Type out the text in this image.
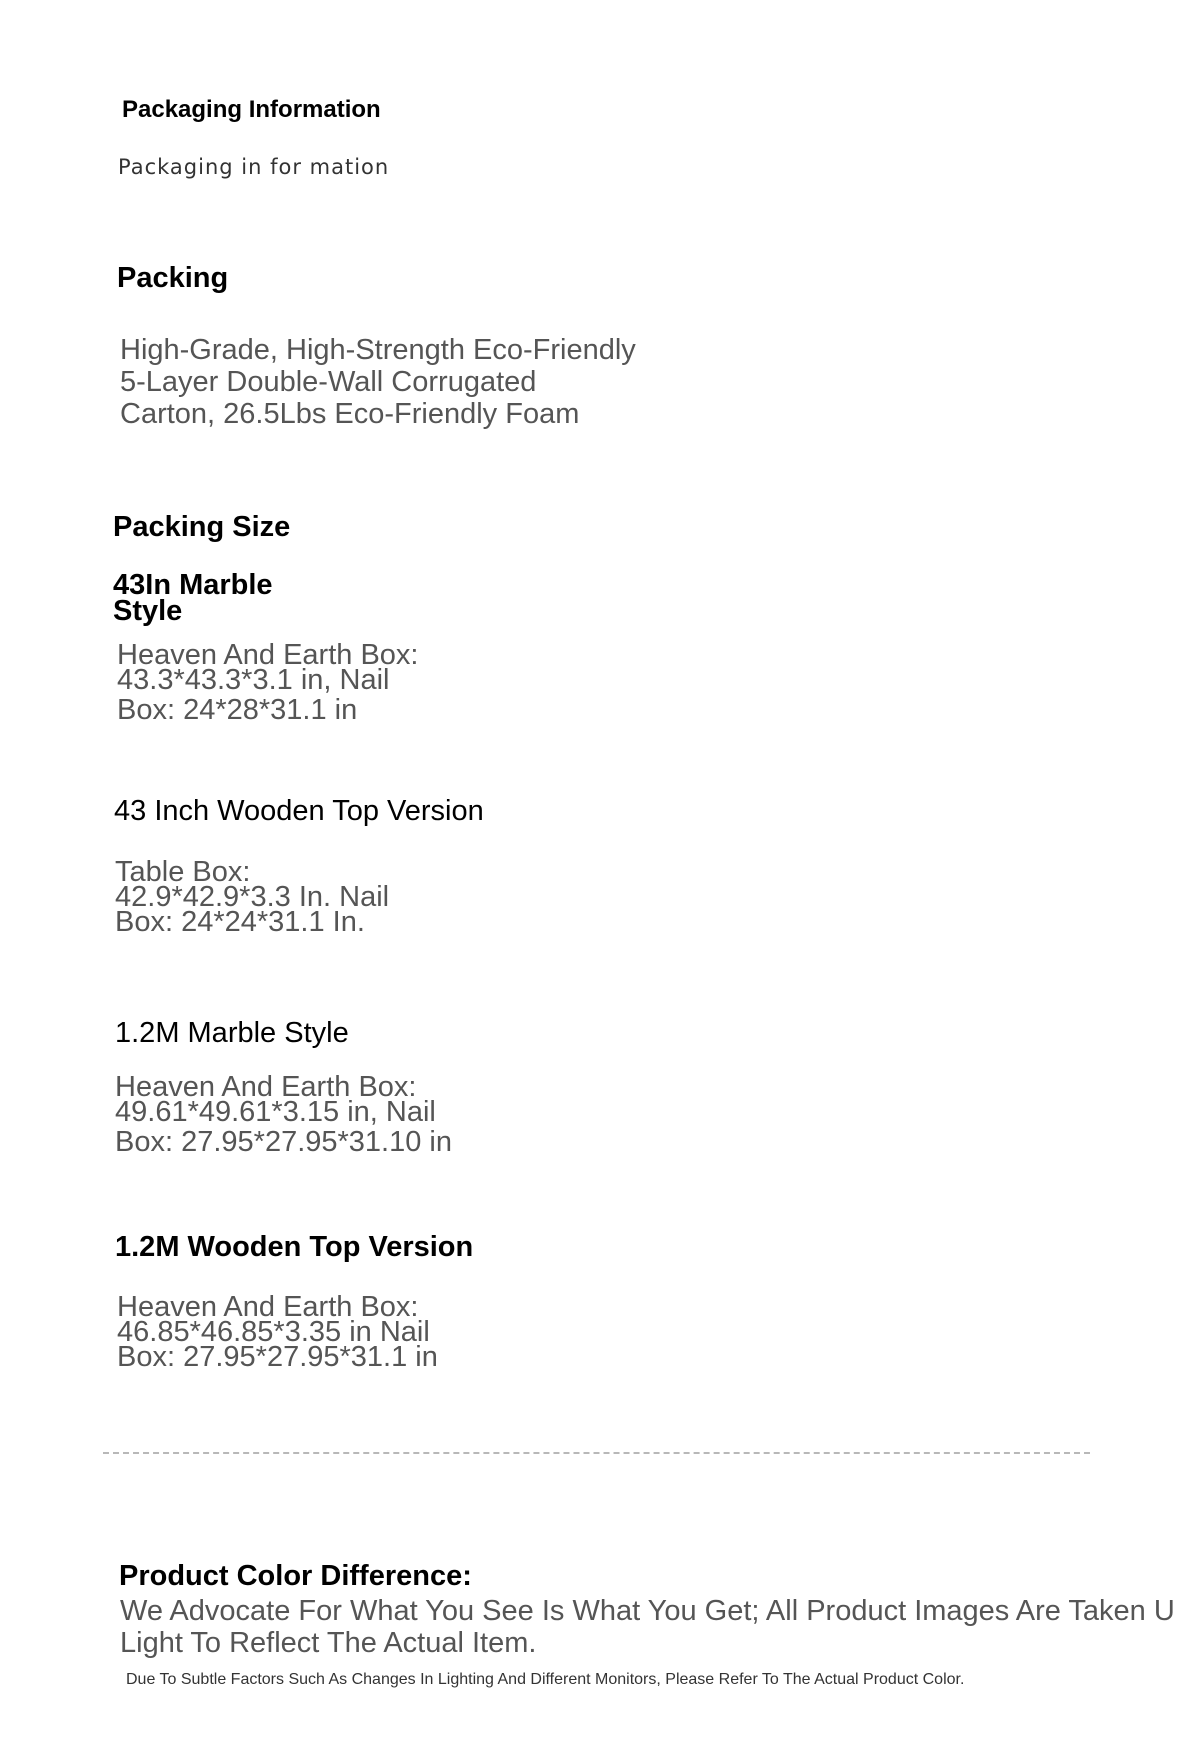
Packaging Information
Packaging in for mation
Packing
High-Grade, High-Strength Eco-Friendly
5-Layer Double-Wall Corrugated
Carton, 26.5Lbs Eco-Friendly Foam
Packing Size
43In Marble
Style
Heaven And Earth Box:
43.3*43.3*3.1 in, Nail
Box: 24*28*31.1 in
43 Inch Wooden Top Version
Table Box:
42.9*42.9*3.3 In. Nail
Box: 24*24*31.1 In.
1.2M Marble Style
Heaven And Earth Box:
49.61*49.61*3.15 in, Nail
Box: 27.95*27.95*31.10 in
1.2M Wooden Top Version
Heaven And Earth Box:
46.85*46.85*3.35 in Nail
Box: 27.95*27.95*31.1 in
Product Color Difference:
We Advocate For What You See Is What You Get; All Product Images Are Taken U
Light To Reflect The Actual Item.
Due To Subtle Factors Such As Changes In Lighting And Different Monitors, Please Refer To The Actual Product Color.
